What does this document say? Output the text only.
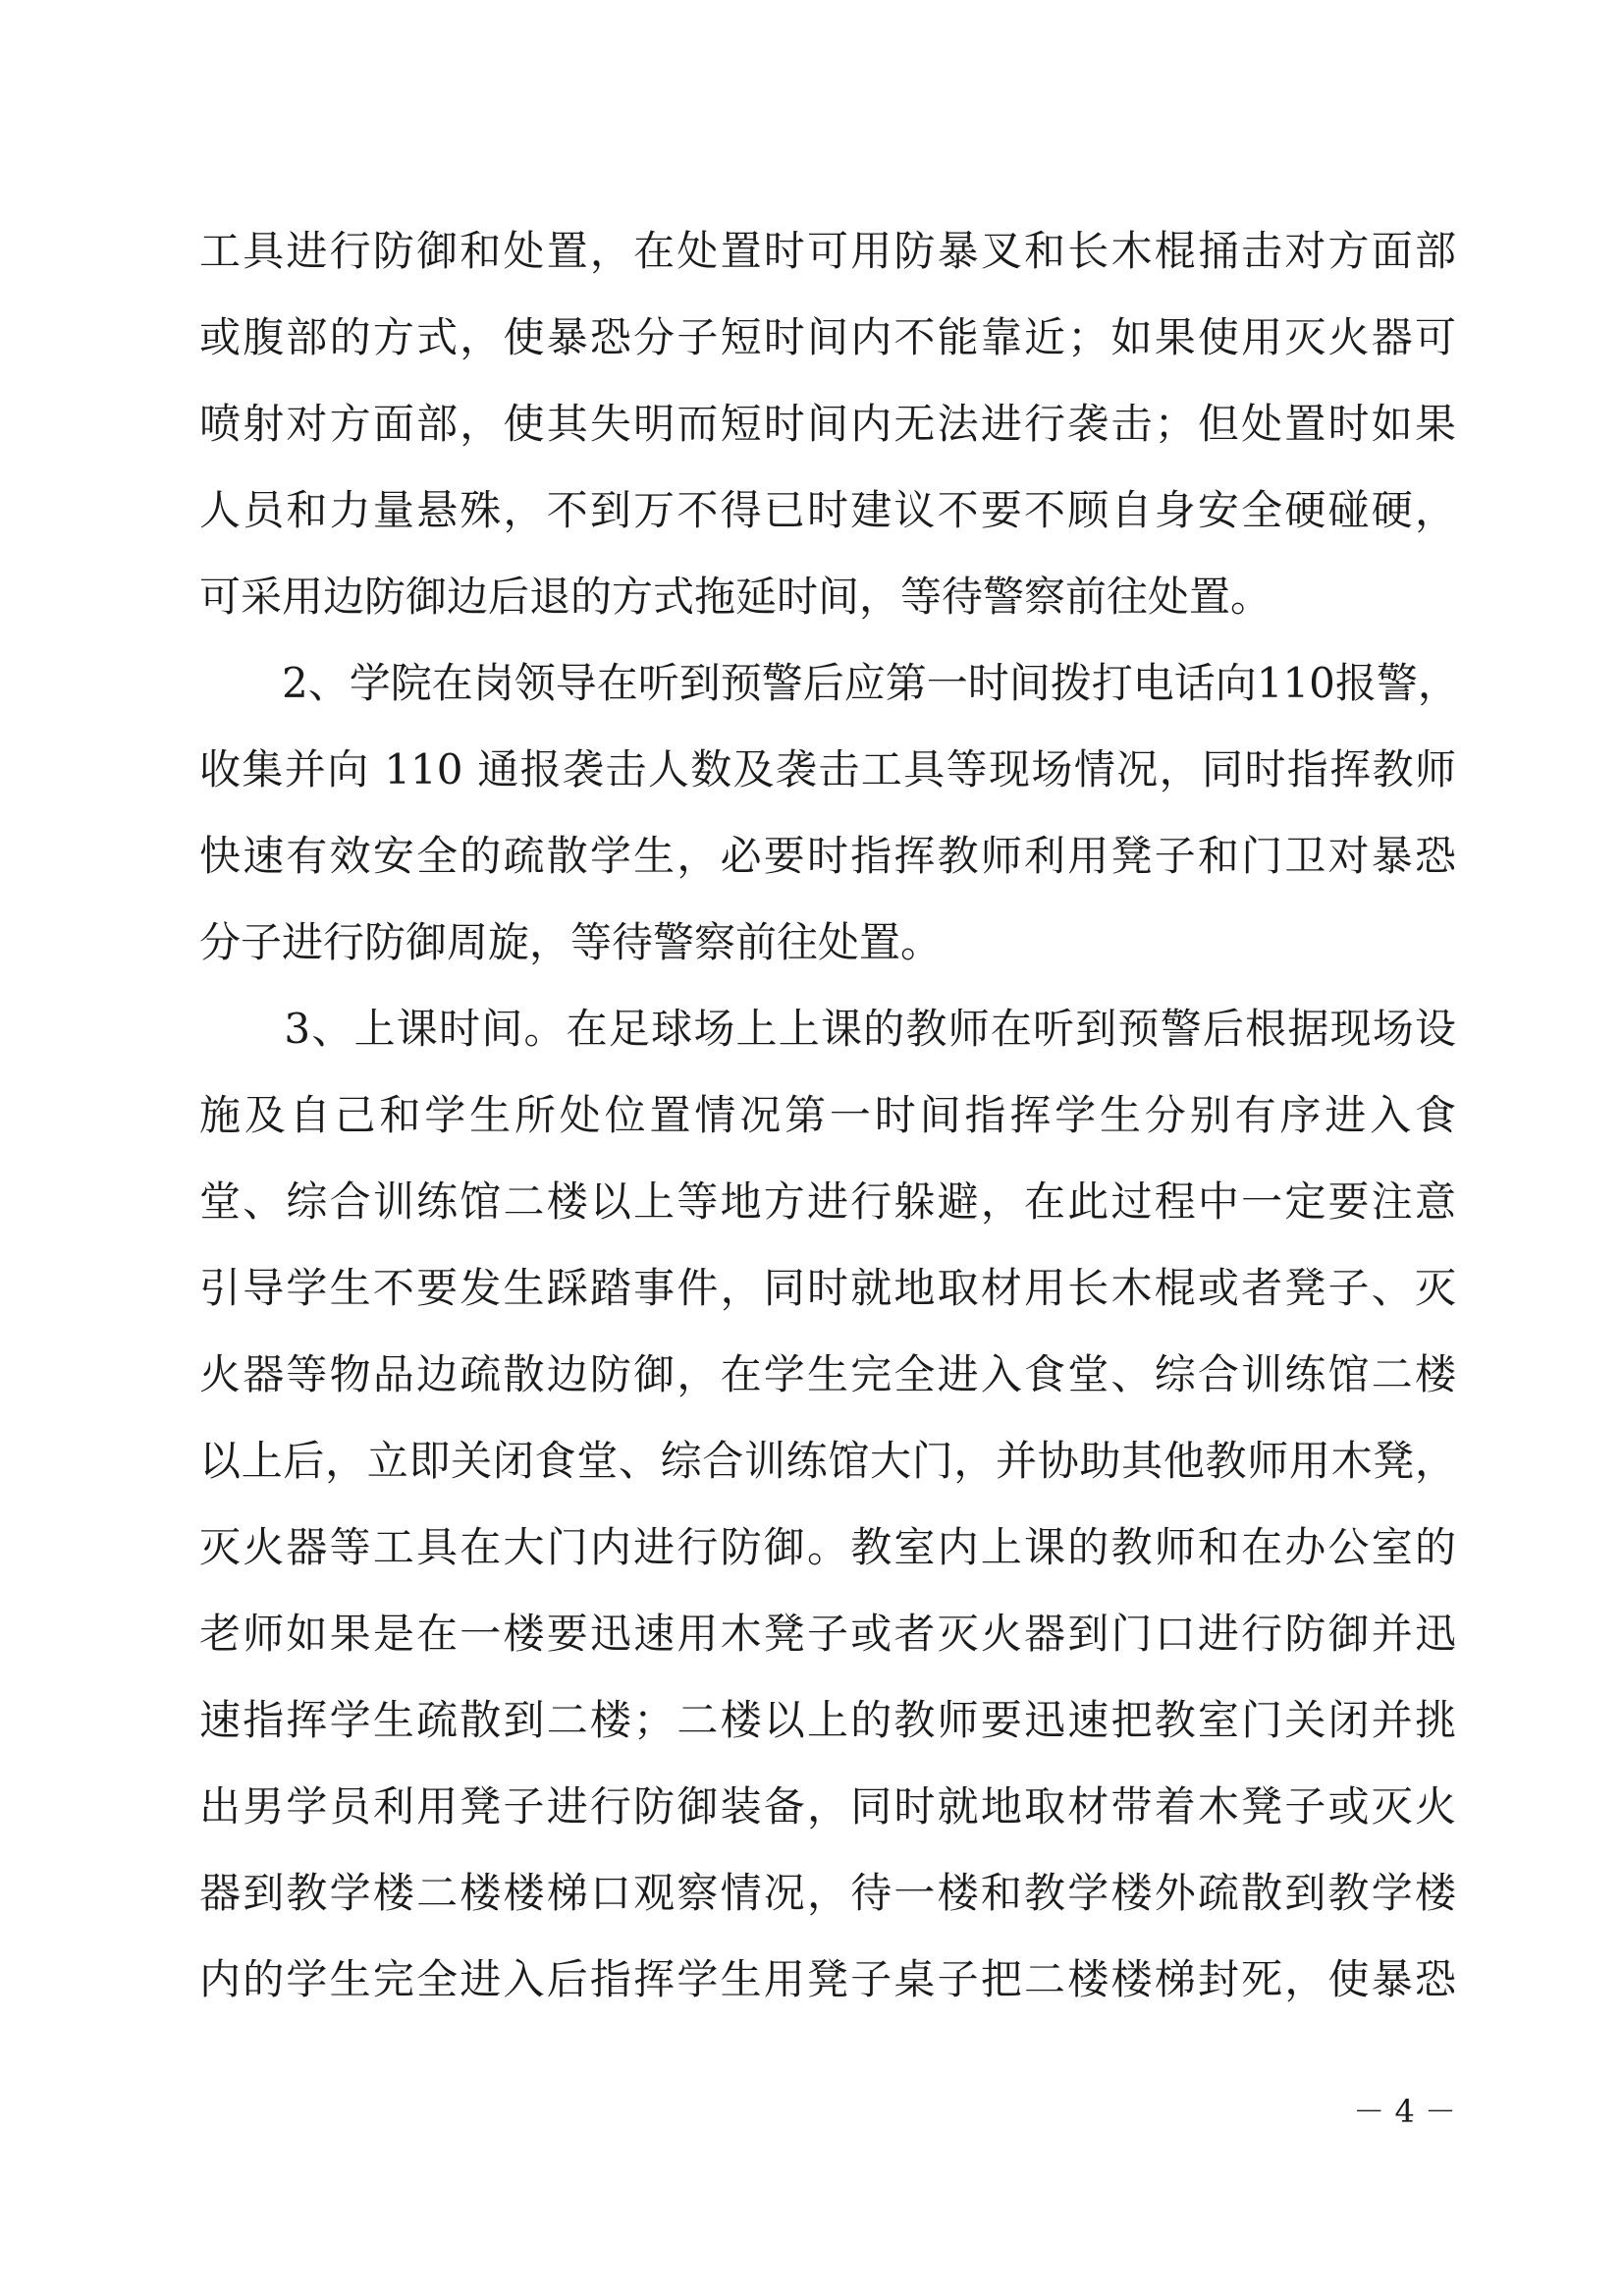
工具进行防御和处置，在处置时可用防暴叉和长木棍捅击对方面部
或腹部的方式，使暴恐分子短时间内不能靠近；如果使用灭火器可
喷射对方面部，使其失明而短时间内无法进行袭击；但处置时如果
人员和力量悬殊，不到万不得已时建议不要不顾自身安全硬碰硬，
可采用边防御边后退的方式拖延时间，等待警察前往处置。
　　2、学院在岗领导在听到预警后应第一时间拨打电话向110报警，
收集并向 110 通报袭击人数及袭击工具等现场情况，同时指挥教师
快速有效安全的疏散学生，必要时指挥教师利用凳子和门卫对暴恐
分子进行防御周旋，等待警察前往处置。
　　3、上课时间。在足球场上上课的教师在听到预警后根据现场设
施及自己和学生所处位置情况第一时间指挥学生分别有序进入食
堂、综合训练馆二楼以上等地方进行躲避，在此过程中一定要注意
引导学生不要发生踩踏事件，同时就地取材用长木棍或者凳子、灭
火器等物品边疏散边防御，在学生完全进入食堂、综合训练馆二楼
以上后，立即关闭食堂、综合训练馆大门，并协助其他教师用木凳，
灭火器等工具在大门内进行防御。教室内上课的教师和在办公室的
老师如果是在一楼要迅速用木凳子或者灭火器到门口进行防御并迅
速指挥学生疏散到二楼；二楼以上的教师要迅速把教室门关闭并挑
出男学员利用凳子进行防御装备，同时就地取材带着木凳子或灭火
器到教学楼二楼楼梯口观察情况，待一楼和教学楼外疏散到教学楼
内的学生完全进入后指挥学生用凳子桌子把二楼楼梯封死，使暴恐
－ 4 －
